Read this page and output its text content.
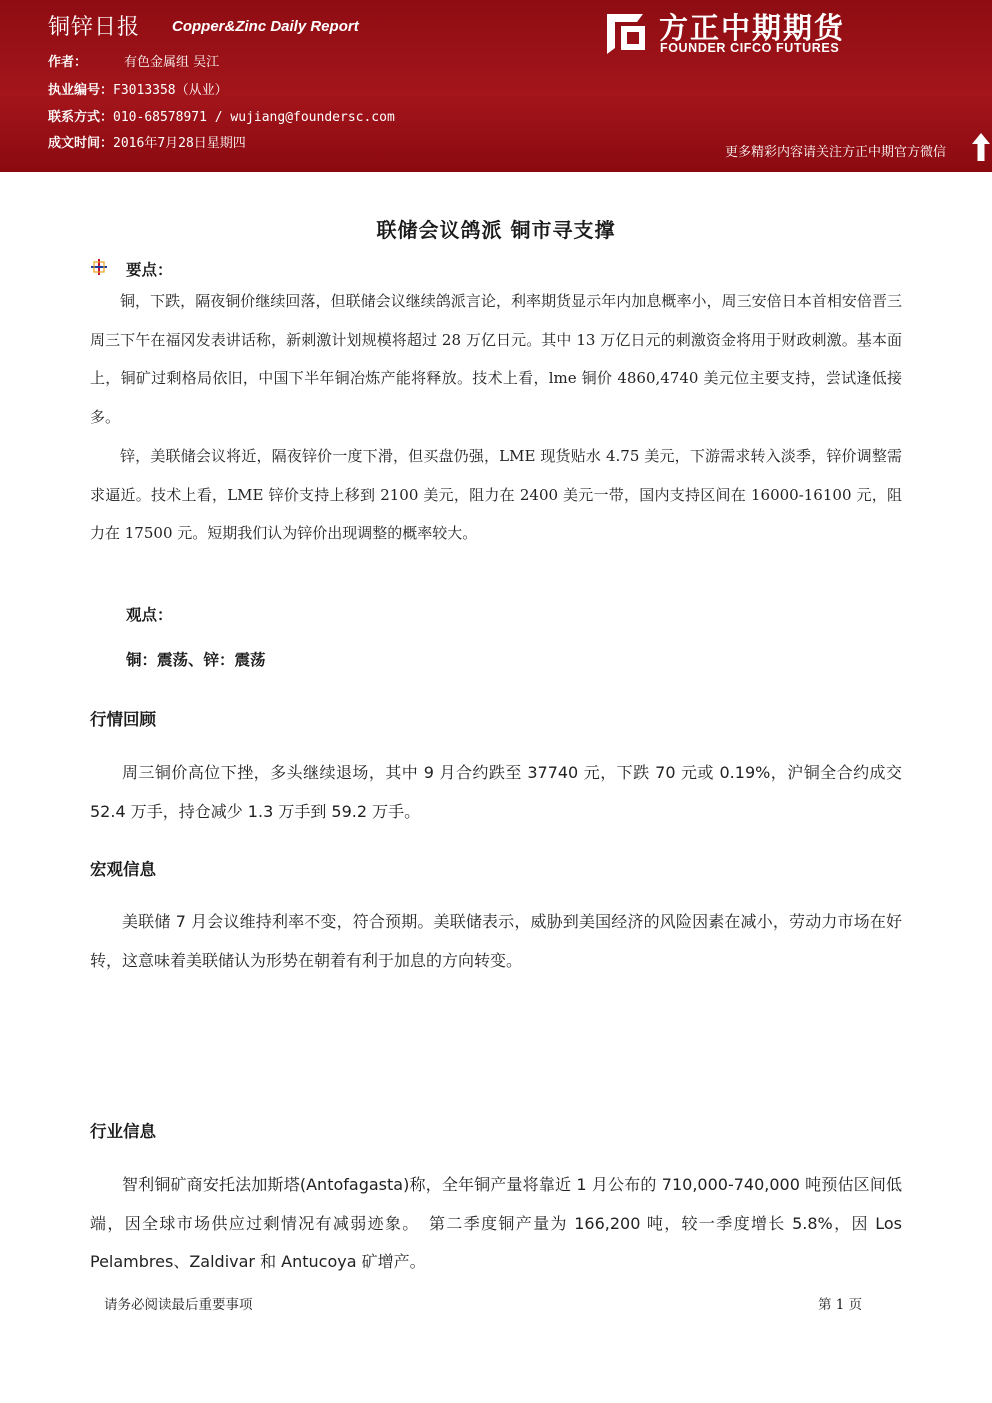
铜锌日报 Copper&Zinc Daily Report
作者：	有色金属组 吴江
执业编号：F3013358（从业）
联系方式：010-68578971 / wujiang@foundersc.com
成文时间：2016年7月28日星期四
方正中期期货
FOUNDER CIFCO FUTURES
更多精彩内容请关注方正中期官方微信
联储会议鸽派 铜市寻支撑
要点：

铜，下跌，隔夜铜价继续回落，但联储会议继续鸽派言论，利率期货显示年内加息概率小，周三安倍日本首相安倍晋三周三下午在福冈发表讲话称，新刺激计划规模将超过 28 万亿日元。其中 13 万亿日元的刺激资金将用于财政刺激。基本面上，铜矿过剩格局依旧，中国下半年铜冶炼产能将释放。技术上看，lme 铜价 4860,4740 美元位主要支持，尝试逢低接多。

锌，美联储会议将近，隔夜锌价一度下滑，但买盘仍强，LME 现货贴水 4.75 美元，下游需求转入淡季，锌价调整需求逼近。技术上看，LME 锌价支持上移到 2100 美元，阻力在 2400 美元一带，国内支持区间在 16000-16100 元，阻力在 17500 元。短期我们认为锌价出现调整的概率较大。

观点：
铜：震荡、锌：震荡
行情回顾

周三铜价高位下挫，多头继续退场，其中 9 月合约跌至 37740 元，下跌 70 元或 0.19%，沪铜全合约成交 52.4 万手，持仓减少 1.3 万手到 59.2 万手。

宏观信息

美联储 7 月会议维持利率不变，符合预期。美联储表示，威胁到美国经济的风险因素在减小，劳动力市场在好转，这意味着美联储认为形势在朝着有利于加息的方向转变。

行业信息

智利铜矿商安托法加斯塔(Antofagasta)称，全年铜产量将靠近 1 月公布的 710,000-740,000 吨预估区间低端，因全球市场供应过剩情况有减弱迹象。　第二季度铜产量为 166,200 吨，较一季度增长 5.8%，因 Los Pelambres、Zaldivar 和 Antucoya 矿增产。

请务必阅读最后重要事项	第 1 页
